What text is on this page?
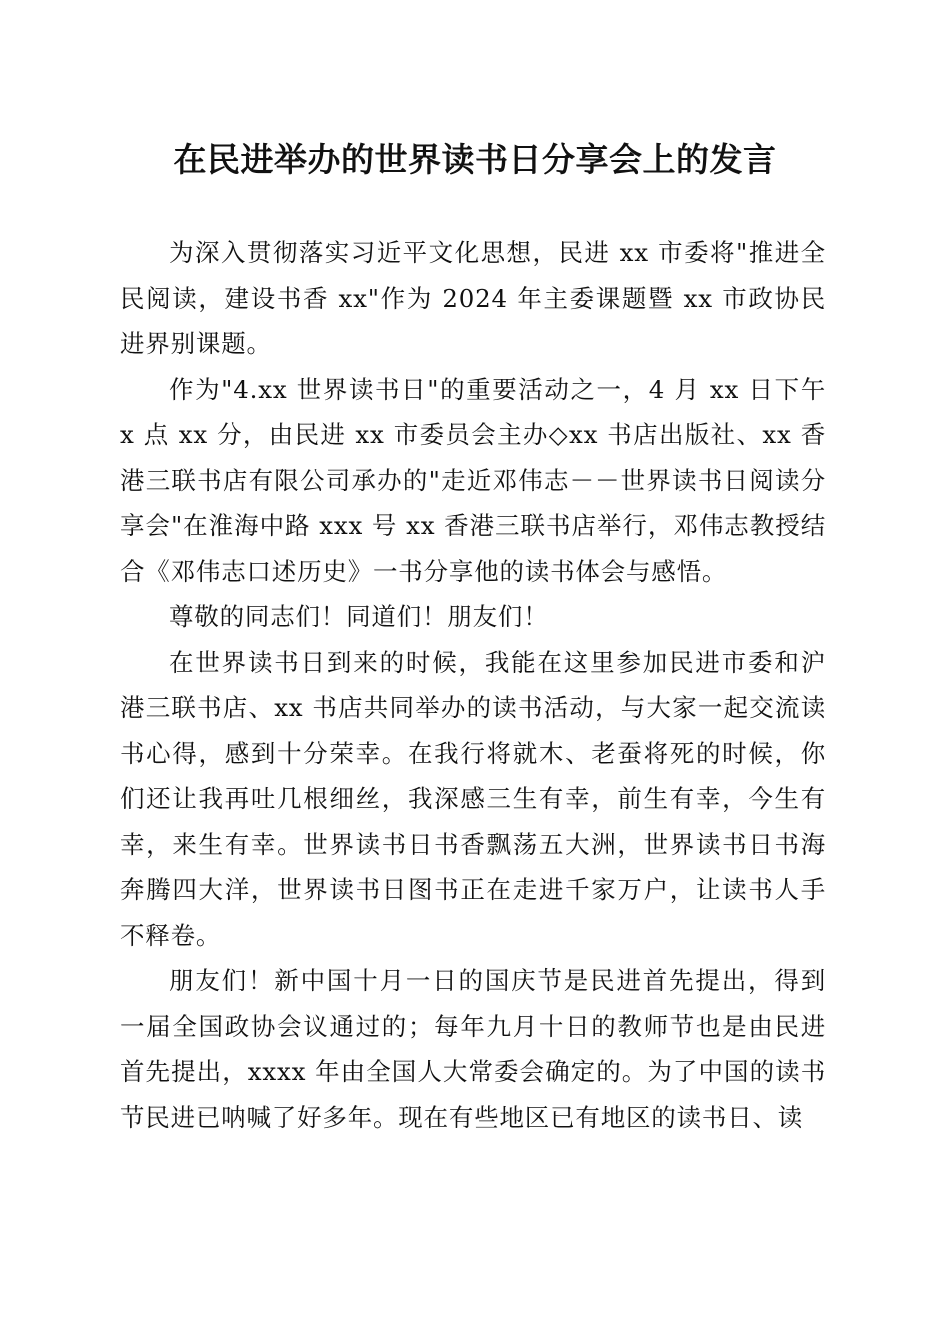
在民进举办的世界读书日分享会上的发言

为深入贯彻落实习近平文化思想，民进 xx 市委将"推进全民阅读，建设书香 xx"作为 2024 年主委课题暨 xx 市政协民进界别课题。

作为"4.xx 世界读书日"的重要活动之一，4 月 xx 日下午 x 点 xx 分，由民进 xx 市委员会主办◇xx 书店出版社、xx 香港三联书店有限公司承办的"走近邓伟志－－世界读书日阅读分享会"在淮海中路 xxx 号 xx 香港三联书店举行，邓伟志教授结合《邓伟志口述历史》一书分享他的读书体会与感悟。

尊敬的同志们！同道们！朋友们！

在世界读书日到来的时候，我能在这里参加民进市委和沪港三联书店、xx 书店共同举办的读书活动，与大家一起交流读书心得，感到十分荣幸。在我行将就木、老蚕将死的时候，你们还让我再吐几根细丝，我深感三生有幸，前生有幸，今生有幸，来生有幸。世界读书日书香飘荡五大洲，世界读书日书海奔腾四大洋，世界读书日图书正在走进千家万户，让读书人手不释卷。

朋友们！新中国十月一日的国庆节是民进首先提出，得到一届全国政协会议通过的；每年九月十日的教师节也是由民进首先提出，xxxx 年由全国人大常委会确定的。为了中国的读书节民进已呐喊了好多年。现在有些地区已有地区的读书日、读
